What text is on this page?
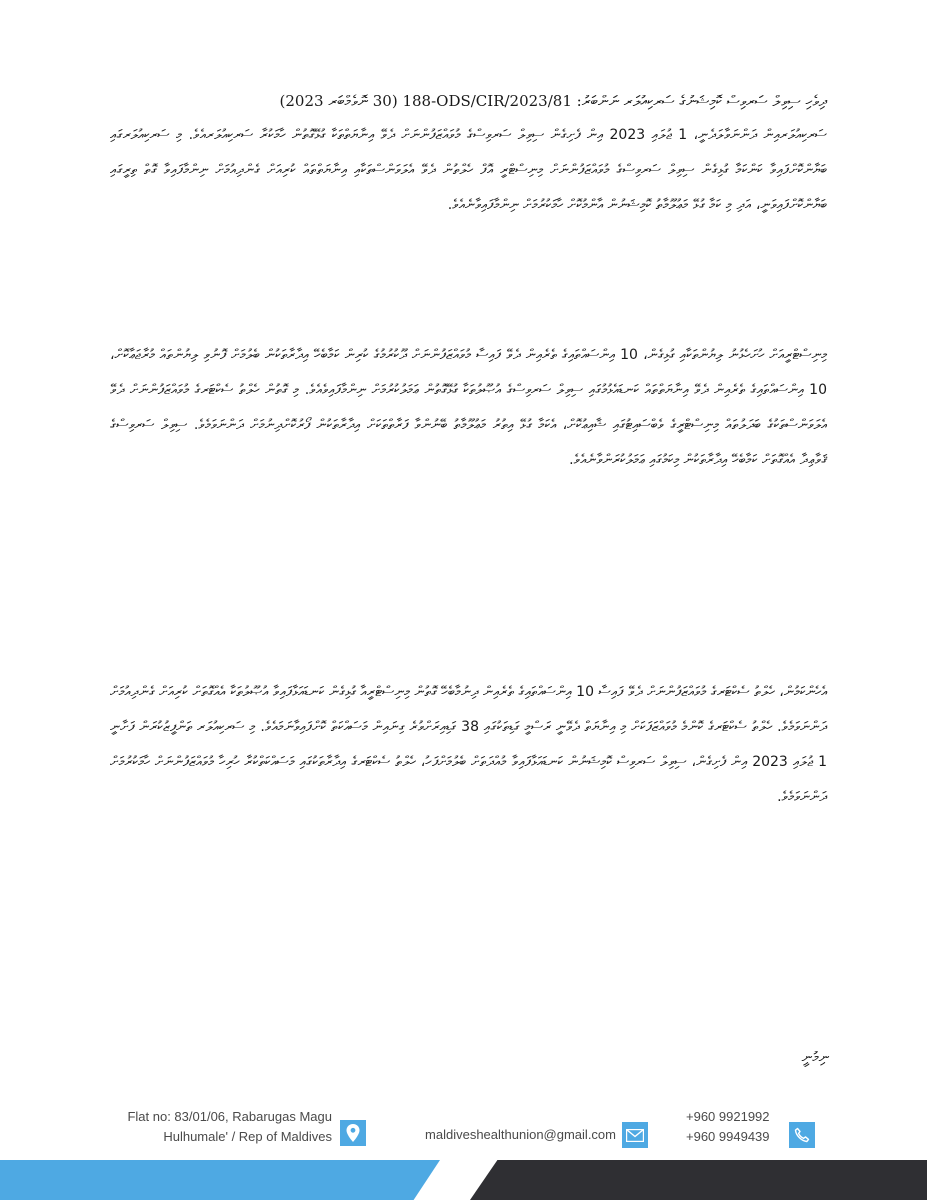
ދިވެހި ސިވިލް ސަރވިސް ކޮމިޝަނުގެ ސަރކިއުލަރ ނަންބަރު: 188-ODS/CIR/2023/81 (30 ނޮވެމްބަރ 2023)

ސަރކިއުލަރއިން ދަންނަވާލަދެނީ، 1 ޖުލައި 2023 އިން ފެށިގެން ސިވިލް ސަރވިސްގެ މުވައްޒަފުންނަށް ދެވޭ އިނާޔަތްތަކާ ގުޅޭގޮތުން ހާމަކުރާ ސަރކިއުލަރއެވެ. މި ސަރކިއުލަރގައި ބަޔާންކޮށްފައިވާ ކަންކަމާ ގުޅިގެން ސިވިލް ސަރވިސްގެ މުވައްޒަފުންނަށް މިނިސްޓްރީ އޮފް ހެލްތުން ދެވޭ އެލަވަންސްތަކާއި އިނާޔަތްތައް ކުރިއަށް ގެންދިއުމަށް ނިންމާފައިވާ ގޮތް ތިރީގައި ބަޔާންކޮށްފައިވަނީ، އަދި މި ކަމާ ގުޅޭ މަޢުލޫމާތު ކޮމިޝަނުން އާންމުކޮށް ހާމަކުރުމަށް ނިންމާފައިވާނެއެވެ.

މިނިސްޓްރީއަށް ހުށަހެޅުނު ލިޔުންތަކާއި ގުޅިގެން، 10 އިންސައްތައިގެ ތެރެއިން ދެވޭ ފައިސާ މުވައްޒަފުންނަށް ދޫކުރުމުގެ ކުރިން ކަމާބެހޭ އިދާރާތަކުން ބެލުމަށް ފޮނުވި ލިޔުންތައް މުރާޖަޢާކޮށް، 10 އިންސައްތައިގެ ތެރެއިން ދެވޭ އިނާޔަތްތައް ކަނޑައެޅުމުގައި ސިވިލް ސަރވިސްގެ އުޞޫލުތަކާ ގުޅޭގޮތުން ޢަމަލުކުރުމަށް ނިންމާފައިވެއެވެ. މި ގޮތުން ހެލްތު ސެކްޓަރގެ މުވައްޒަފުންނަށް ދެވޭ އެލަވަންސްތަކުގެ ބަދަލުތައް މިނިސްޓްރީގެ ވެބްސައިޓުގައި ޝާއިޢުކޮށް، އެކަމާ ގުޅޭ އިތުރު މަޢުލޫމާތު ބޭނުންވާ ފަރާތްތަކަށް އިދާރާތަކުން ފޯރުކޮށްދިނުމަށް ދަންނަވަމެވެ. ސިވިލް ސަރވިސްގެ ޤަވާޢިދާ އެއްގޮތަށް ކަމާބެހޭ އިދާރާތަކުން މިކަމުގައި ޢަމަލުކުރަންވާނެއެވެ.

އެހެންކަމުން، ހެލްތު ސެކްޓަރގެ މުވައްޒަފުންނަށް ދެވޭ ފައިސާ 10 އިންސައްތައިގެ ތެރެއިން ދިނުމާބެހޭ ގޮތުން މިނިސްޓްރީއާ ގުޅިގެން ކަނޑައަޅާފައިވާ އުޞޫލުތަކާ އެއްގޮތަށް ކުރިއަށް ގެންދިއުމަށް ދަންނަވަމެވެ. ހެލްތު ސެކްޓަރގެ ކޮންމެ މުވައްޒަފަކަށް މި އިނާޔަތް ދެވޭނީ ރަސްމީ ގަޑިތަކުގައި 38 ގަޑިއިރަށްވުރެ ގިނައިން މަސައްކަތް ކޮށްފައިވާނަމައެވެ. މި ސަރކިއުލަރ ތަންފީޒުކުރަން ފަށާނީ 1 ޖުލައި 2023 އިން ފެށިގެން، ސިވިލް ސަރވިސް ކޮމިޝަނުން ކަނޑައަޅާފައިވާ މުއްދަތަށް ބެލުމަށްފަހު، ހެލްތު ސެކްޓަރގެ އިދާރާތަކުގައި މަސައްކަތްކުރާ ހުރިހާ މުވައްޒަފުންނަށް ހާމަކުރުމަށް ދަންނަވަމެވެ.

ނިމުނީ
Flat no: 83/01/06, Rabarugas Magu
Hulhumale' / Rep of Maldives	maldiveshealthunion@gmail.com
+960 9921992
+960 9949439
